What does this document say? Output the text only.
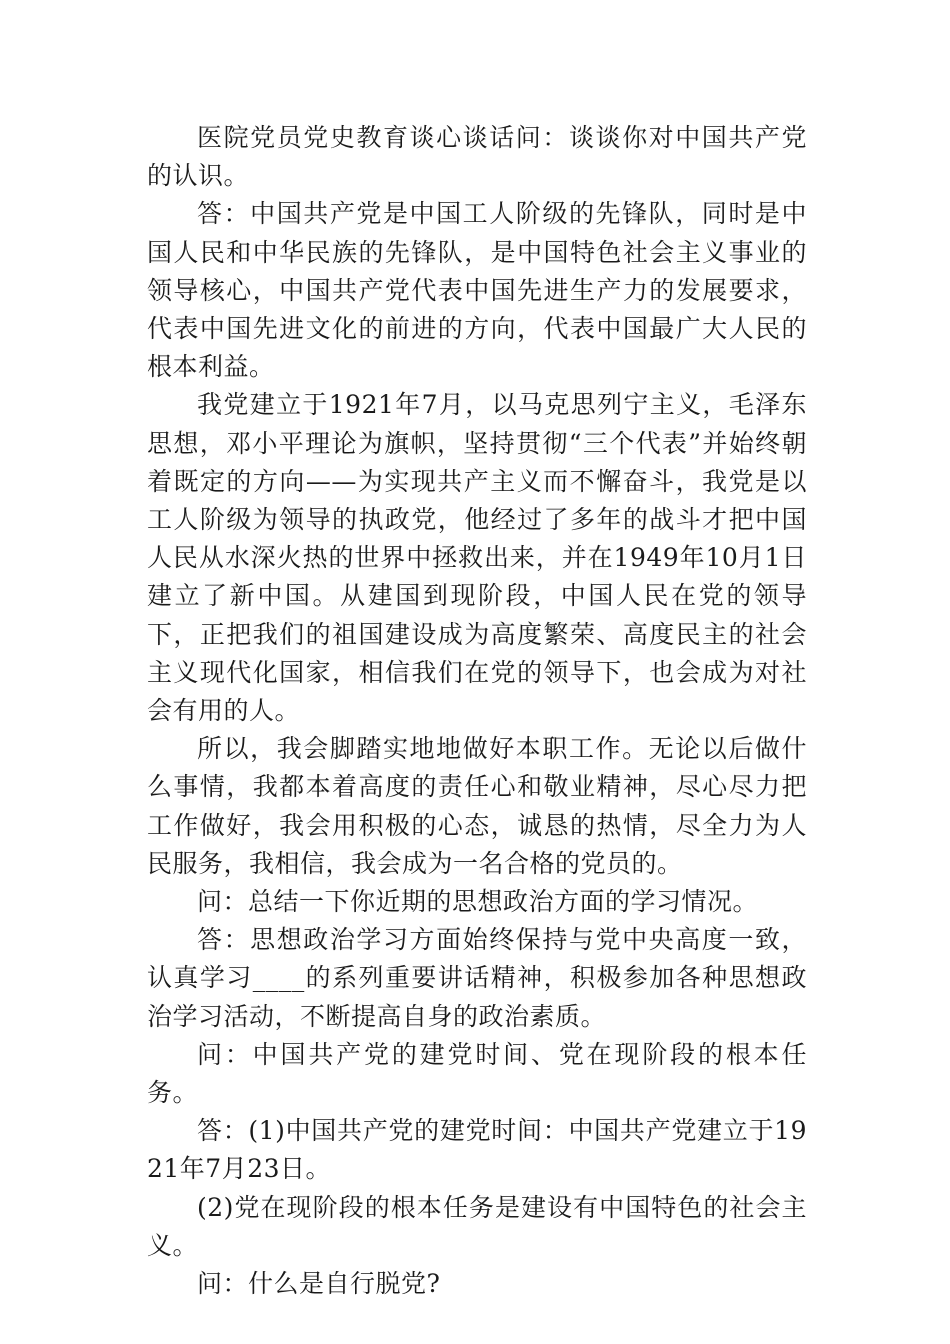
医院党员党史教育谈心谈话问：谈谈你对中国共产党的认识。

答：中国共产党是中国工人阶级的先锋队，同时是中国人民和中华民族的先锋队，是中国特色社会主义事业的领导核心，中国共产党代表中国先进生产力的发展要求，代表中国先进文化的前进的方向，代表中国最广大人民的根本利益。

我党建立于1921年7月，以马克思列宁主义，毛泽东思想，邓小平理论为旗帜，坚持贯彻“三个代表”并始终朝着既定的方向——为实现共产主义而不懈奋斗，我党是以工人阶级为领导的执政党，他经过了多年的战斗才把中国人民从水深火热的世界中拯救出来，并在1949年10月1日建立了新中国。从建国到现阶段，中国人民在党的领导下，正把我们的祖国建设成为高度繁荣、高度民主的社会主义现代化国家，相信我们在党的领导下，也会成为对社会有用的人。

所以，我会脚踏实地地做好本职工作。无论以后做什么事情，我都本着高度的责任心和敬业精神，尽心尽力把工作做好，我会用积极的心态，诚恳的热情，尽全力为人民服务，我相信，我会成为一名合格的党员的。

问：总结一下你近期的思想政治方面的学习情况。

答：思想政治学习方面始终保持与党中央高度一致，认真学习____的系列重要讲话精神，积极参加各种思想政治学习活动，不断提高自身的政治素质。

问：中国共产党的建党时间、党在现阶段的根本任务。

答：(1)中国共产党的建党时间：中国共产党建立于1921年7月23日。

(2)党在现阶段的根本任务是建设有中国特色的社会主义。

问：什么是自行脱党?
